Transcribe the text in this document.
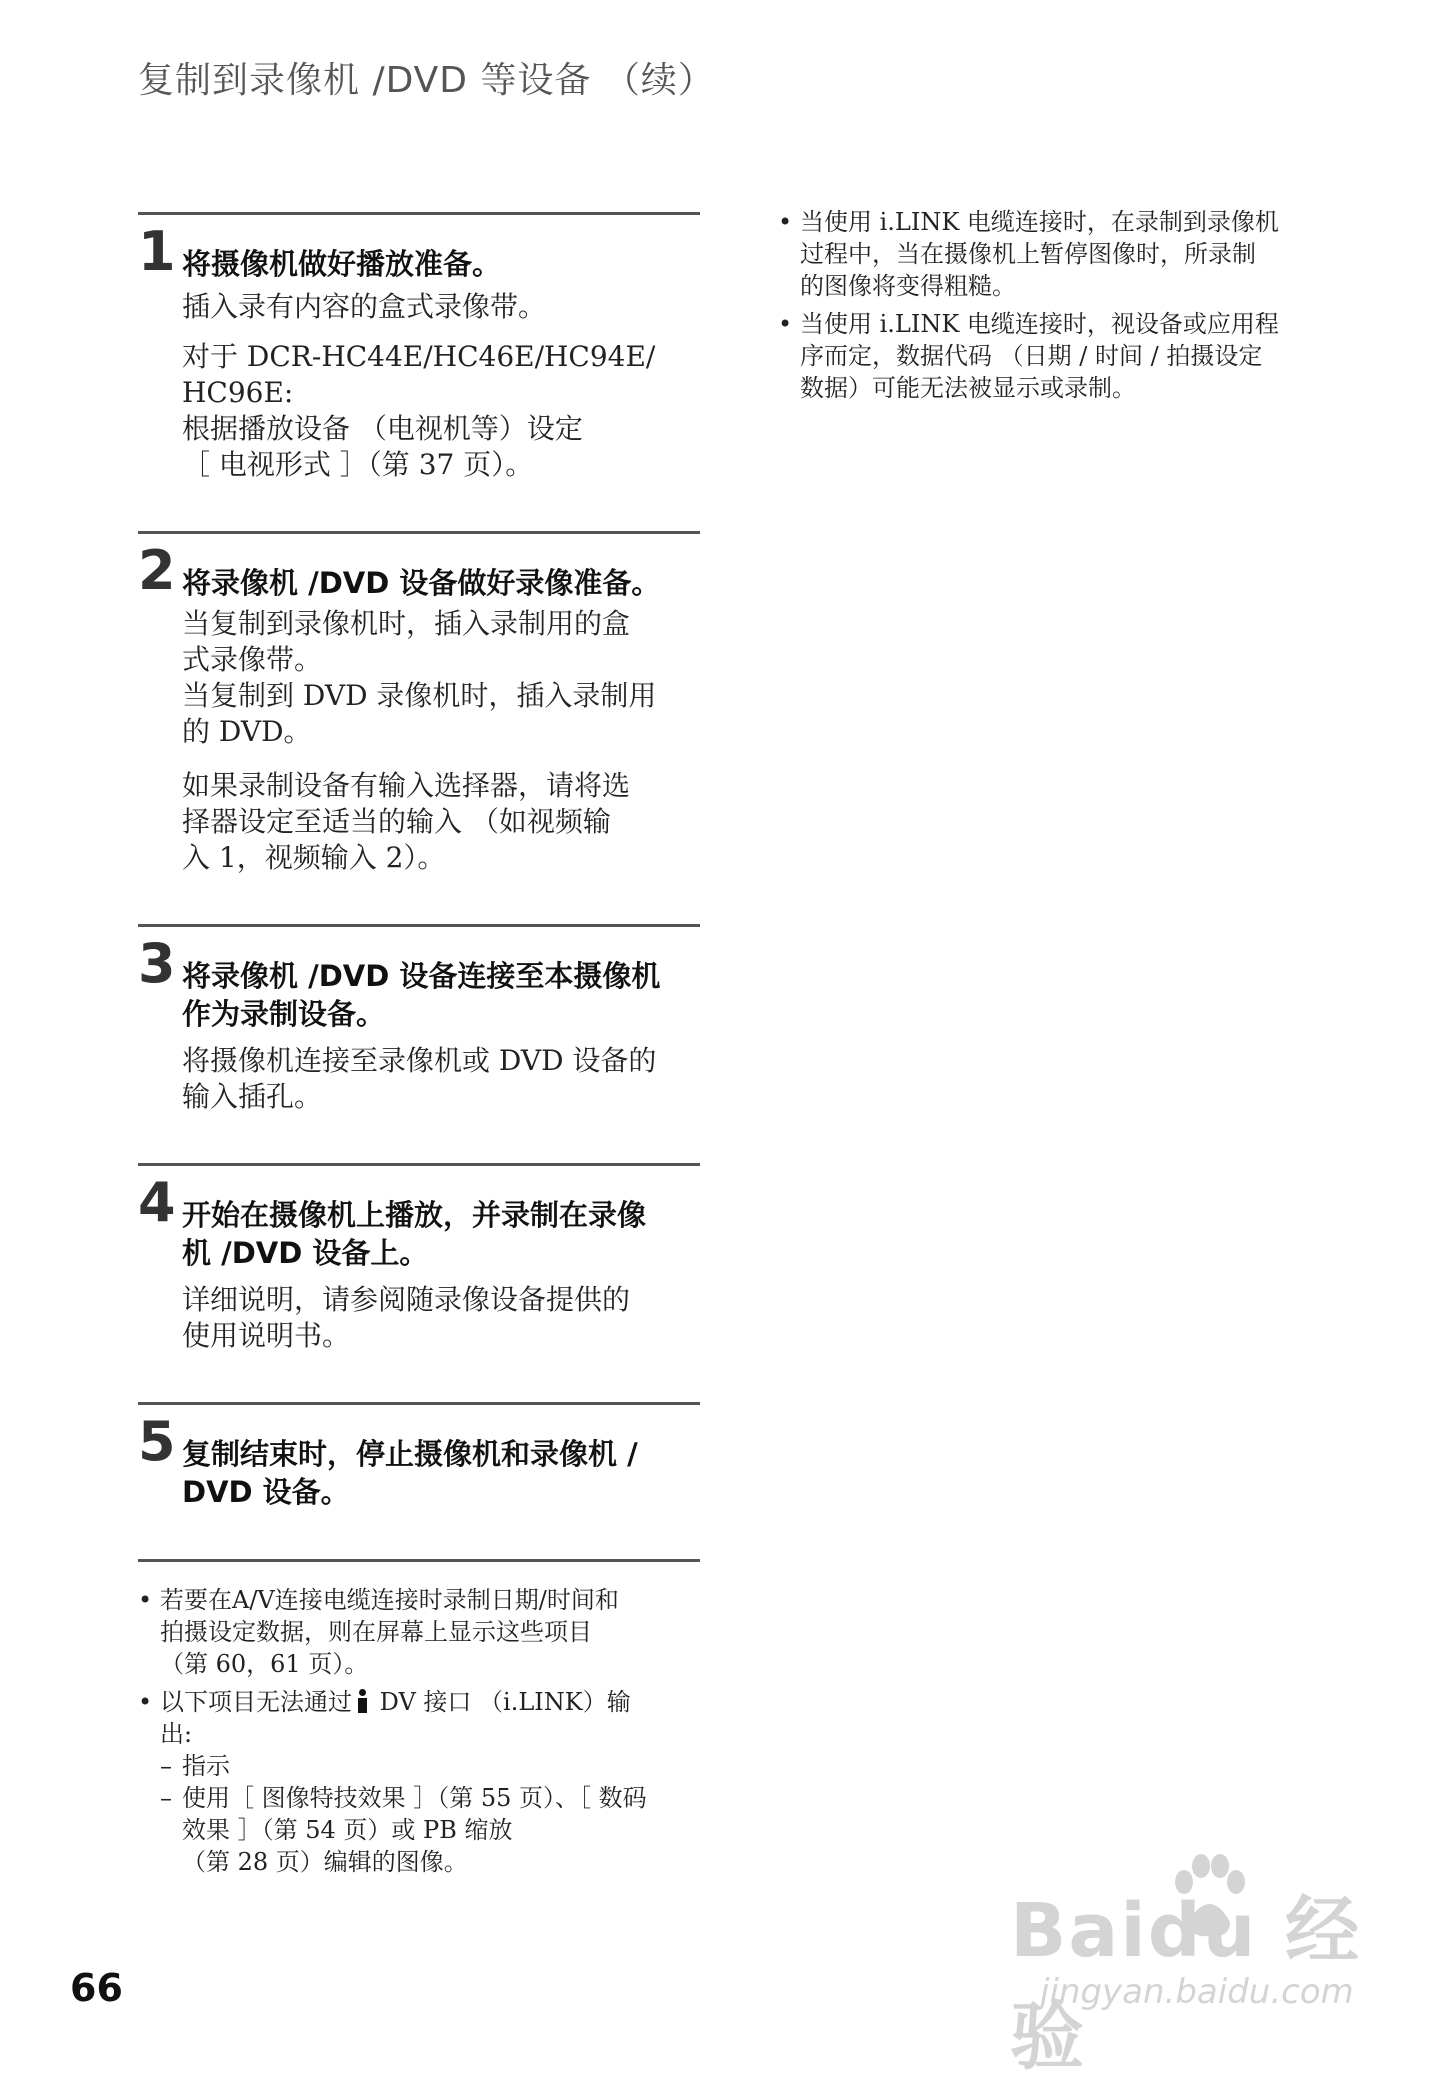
复制到录像机 /DVD 等设备 （续）
1 将摄像机做好播放准备。

插入录有内容的盒式录像带。

对于 DCR-HC44E/HC46E/HC94E/

HC96E:

根据播放设备 （电视机等）设定

［ 电视形式 ］（第 37 页）。

2 将录像机 /DVD 设备做好录像准备。

当复制到录像机时，插入录制用的盒

式录像带。

当复制到 DVD 录像机时，插入录制用

的 DVD。

如果录制设备有输入选择器，请将选

择器设定至适当的输入 （如视频输

入 1，视频输入 2）。

3 将录像机 /DVD 设备连接至本摄像机
作为录制设备。

将摄像机连接至录像机或 DVD 设备的

输入插孔。

4 开始在摄像机上播放，并录制在录像
机 /DVD 设备上。

详细说明，请参阅随录像设备提供的

使用说明书。

5 复制结束时，停止摄像机和录像机 /
DVD 设备。
• 若要在A/V连接电缆连接时录制日期/时间和
拍摄设定数据，则在屏幕上显示这些项目
（第 60，61 页）。
• 以下项目无法通过
DV 接口 （i.LINK）输
出:
– 指示
– 使用［ 图像特技效果 ］（第 55 页）、［ 数码
效果 ］（第 54 页）或 PB 缩放
（第 28 页）编辑的图像。
• 当使用 i.LINK 电缆连接时，在录制到录像机
过程中，当在摄像机上暂停图像时，所录制
的图像将变得粗糙。
• 当使用 i.LINK 电缆连接时，视设备或应用程
序而定，数据代码 （日期 / 时间 / 拍摄设定
数据）可能无法被显示或录制。
66
Baidu 经验
jingyan.baidu.com
